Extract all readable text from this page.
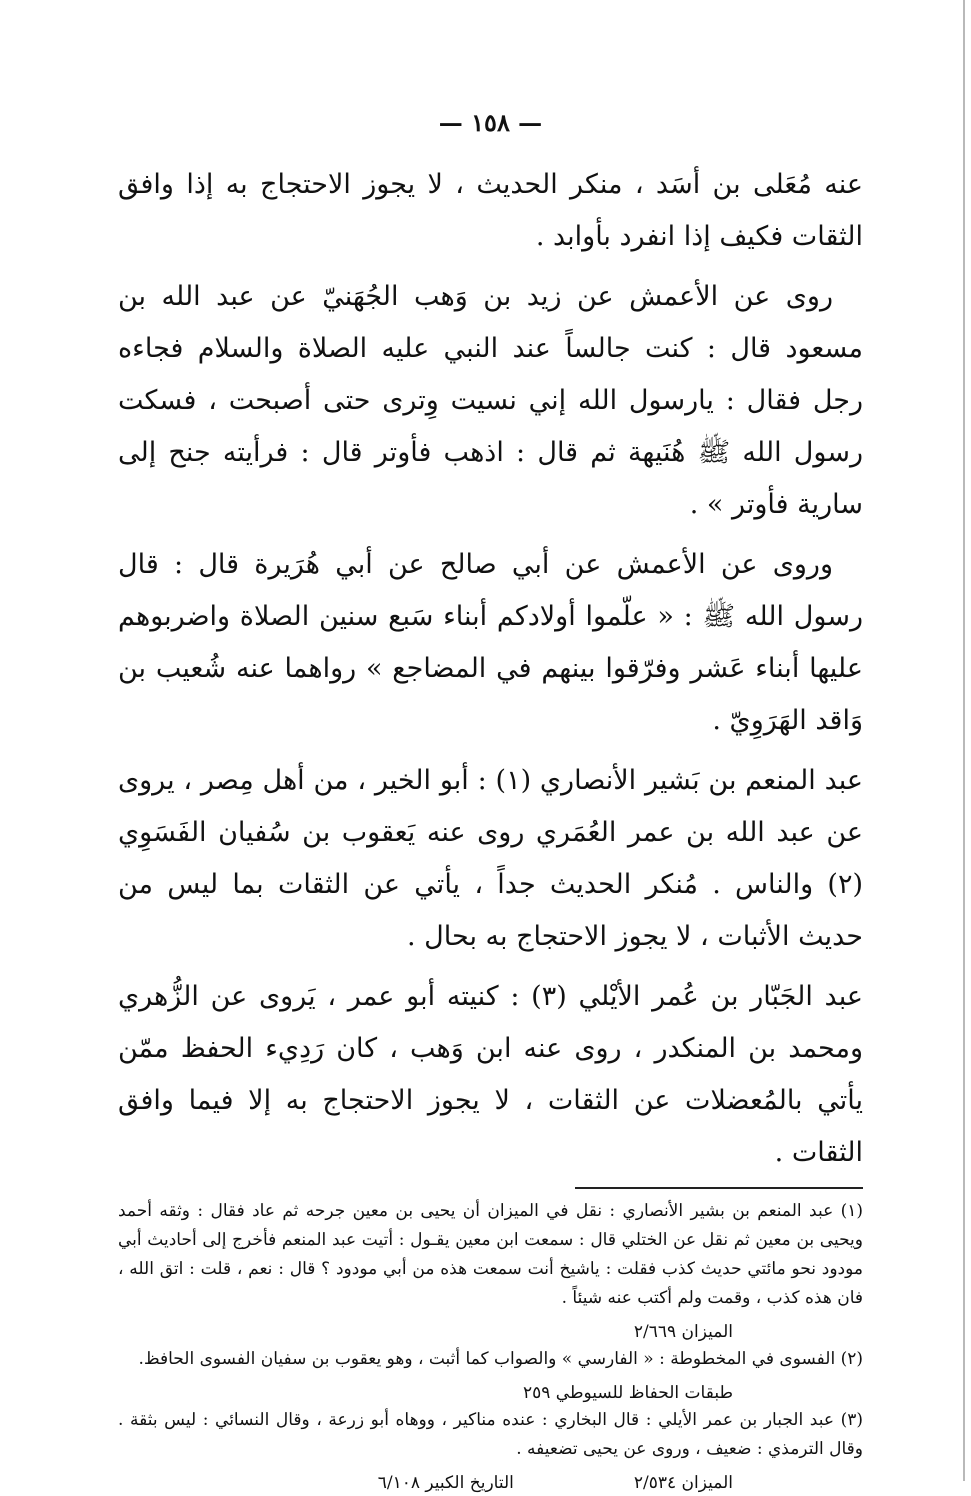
— ١٥٨ —

عنه مُعَلى بن أسَد ، منكر الحديث ، لا يجوز الاحتجاج به إذا وافق الثقات فكيف إذا انفرد بأوابد .

روى عن الأعمش عن زيد بن وَهب الجُهَنيّ عن عبد الله بن مسعود قال : كنت جالساً عند النبي عليه الصلاة والسلام فجاءه رجل فقال : يارسول الله إني نسيت وِترى حتى أصبحت ، فسكت رسول الله ﷺ هُنَيهة ثم قال : اذهب فأوتر قال : فرأيته جنح إلى سارية فأوتر » .

وروى عن الأعمش عن أبي صالح عن أبي هُرَيرة قال : قال رسول الله ﷺ : « علّموا أولادكم أبناء سَبع سنين الصلاة واضربوهم عليها أبناء عَشر وفرّقوا بينهم في المضاجع » رواهما عنه شُعيب بن وَاقد الهَرَوِيّ .

عبد المنعم بن بَشير الأنصاري (١) : أبو الخير ، من أهل مِصر ، يروى عن عبد الله بن عمر العُمَري روى عنه يَعقوب بن سُفيان الفَسَوِي (٢) والناس . مُنكر الحديث جداً ، يأتي عن الثقات بما ليس من حديث الأثبات ، لا يجوز الاحتجاج به بحال .

عبد الجَبّار بن عُمر الأيْلي (٣) : كنيته أبو عمر ، يَروى عن الزُّهري ومحمد بن المنكدر ، روى عنه ابن وَهب ، كان رَدِيء الحفظ ممّن يأتي بالمُعضلات عن الثقات ، لا يجوز الاحتجاج به إلا فيما وافق الثقات .

(١) عبد المنعم بن بشير الأنصاري : نقل في الميزان أن يحيى بن معين جرحه ثم عاد فقال : وثقه أحمد ويحيى بن معين ثم نقل عن الختلي قال : سمعت ابن معين يقـول : أتيت عبد المنعم فأخرج إلى أحاديث أبي مودود نحو مائتي حديث كذب فقلت : ياشيخ أنت سمعت هذه من أبي مودود ؟ قال : نعم ، قلت : اتق الله ، فان هذه كذب ، وقمت ولم أكتب عنه شيئاً .

الميزان ٢/٦٦٩

(٢) الفسوى في المخطوطة : « الفارسي » والصواب كما أثبت ، وهو يعقوب بن سفيان الفسوى الحافظ.

طبقات الحفاظ للسيوطي ٢٥٩

(٣) عبد الجبار بن عمر الأيلي : قال البخاري : عنده مناكير ، ووهاه أبو زرعة ، وقال النسائي : ليس بثقة . وقال الترمذي : ضعيف ، وروى عن يحيى تضعيفه .

الميزان ٢/٥٣٤
التاريخ الكبير ٦/١٠٨
